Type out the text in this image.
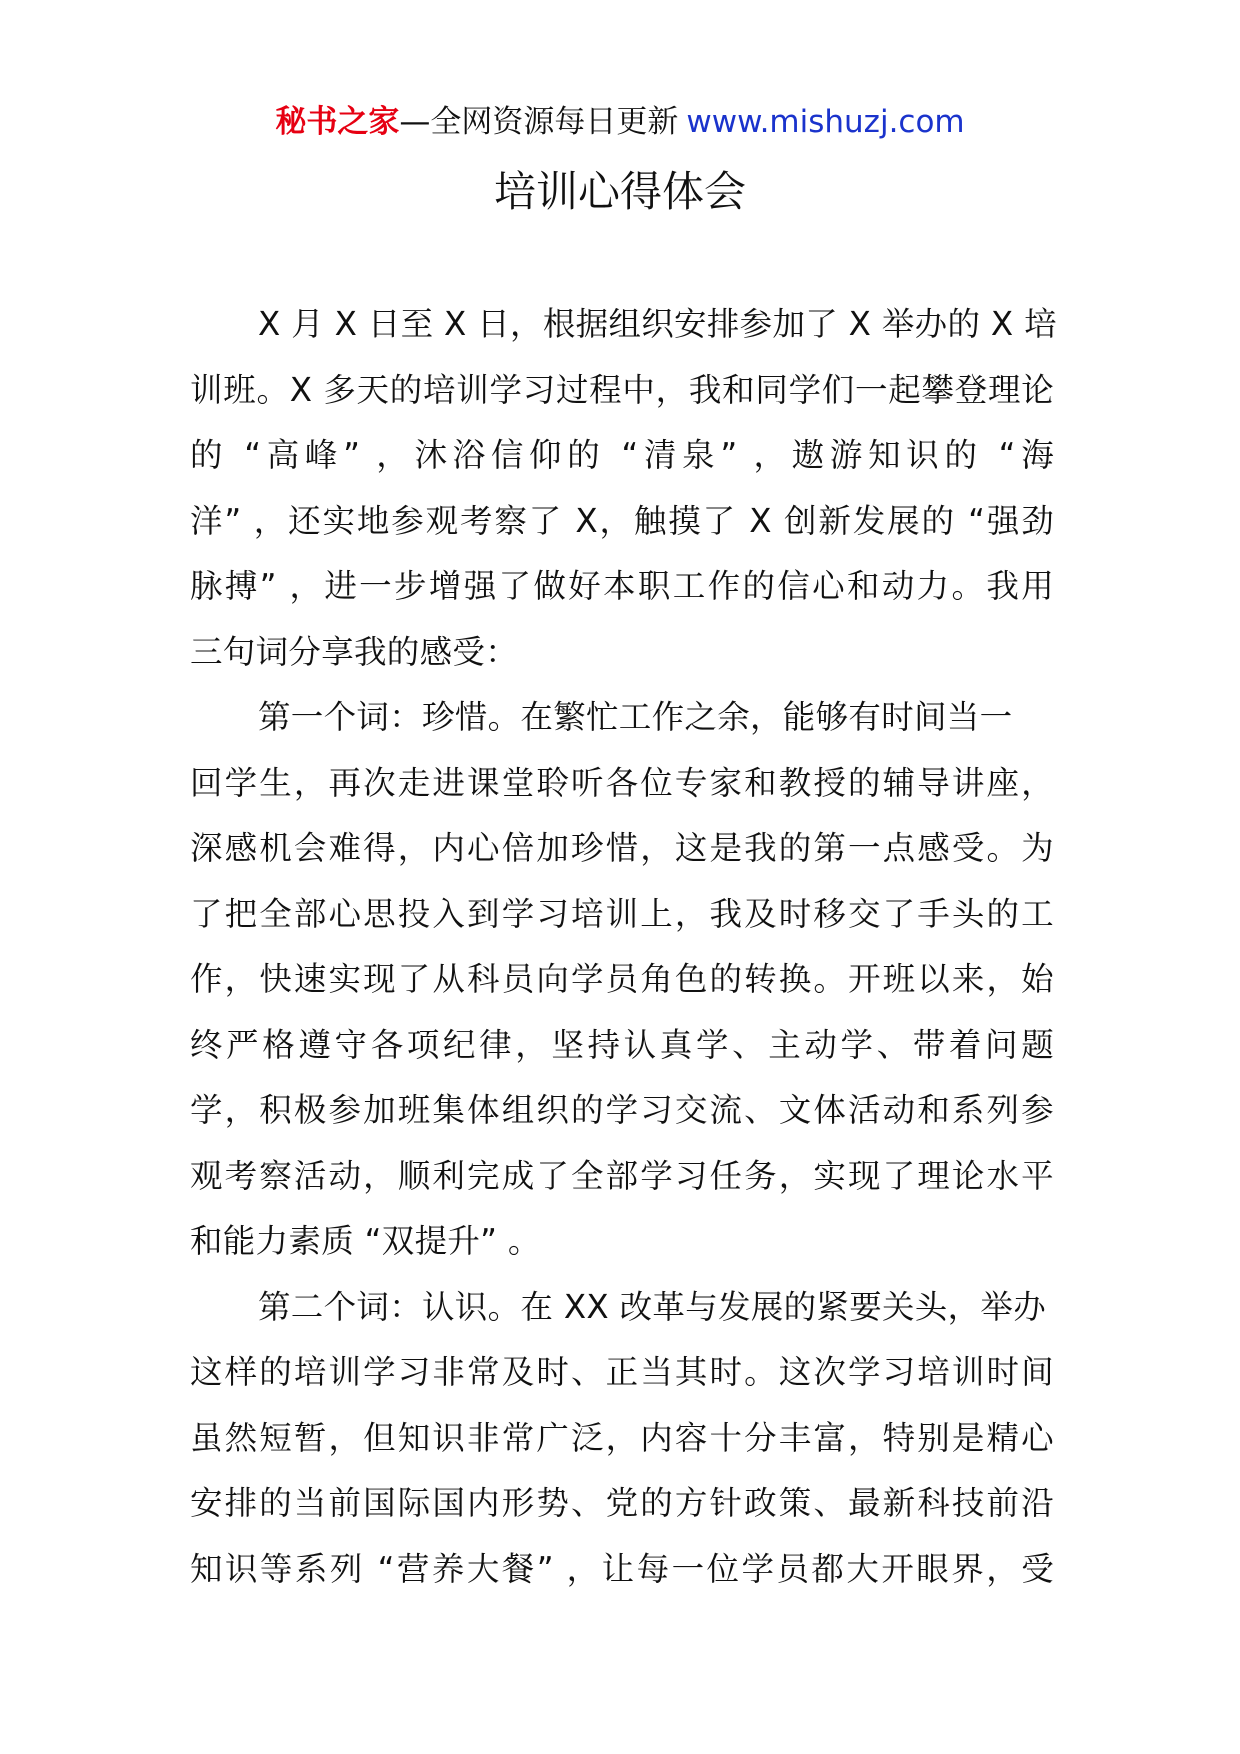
秘书之家—全网资源每日更新 www.mishuzj.com
培训心得体会
X 月 X 日至 X 日，根据组织安排参加了 X 举办的 X 培
训班。X 多天的培训学习过程中，我和同学们一起攀登理论
的 “高峰” ，沐浴信仰的 “清泉” ，遨游知识的 “海
洋” ，还实地参观考察了 X，触摸了 X 创新发展的 “强劲
脉搏” ，进一步增强了做好本职工作的信心和动力。我用
三句词分享我的感受：
第一个词：珍惜。在繁忙工作之余，能够有时间当一
回学生，再次走进课堂聆听各位专家和教授的辅导讲座，
深感机会难得，内心倍加珍惜，这是我的第一点感受。为
了把全部心思投入到学习培训上，我及时移交了手头的工
作，快速实现了从科员向学员角色的转换。开班以来，始
终严格遵守各项纪律，坚持认真学、主动学、带着问题
学，积极参加班集体组织的学习交流、文体活动和系列参
观考察活动，顺利完成了全部学习任务，实现了理论水平
和能力素质 “双提升” 。
第二个词：认识。在 XX 改革与发展的紧要关头，举办
这样的培训学习非常及时、正当其时。这次学习培训时间
虽然短暂，但知识非常广泛，内容十分丰富，特别是精心
安排的当前国际国内形势、党的方针政策、最新科技前沿
知识等系列 “营养大餐” ，让每一位学员都大开眼界，受
